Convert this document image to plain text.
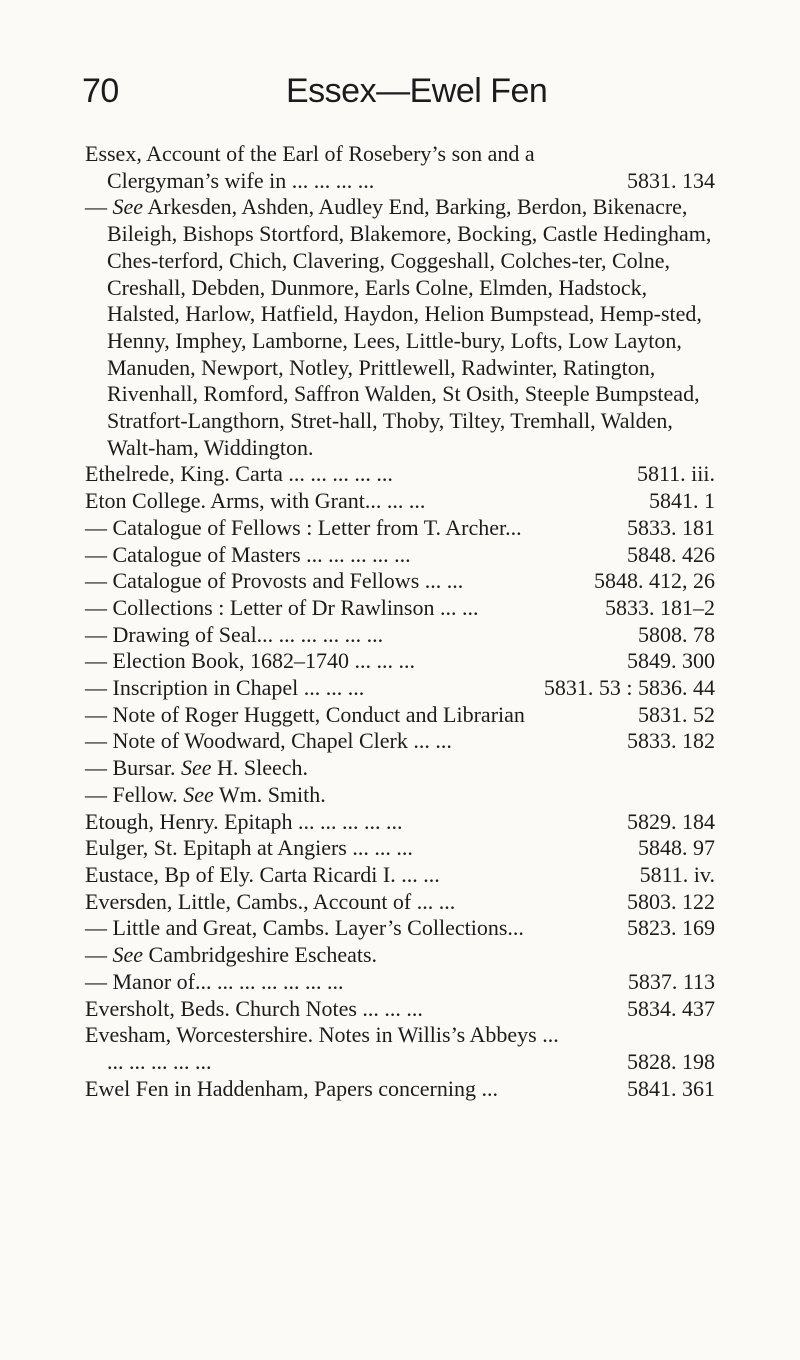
70	Essex—Ewel Fen
Essex, Account of the Earl of Rosebery’s son and a Clergyman’s wife in ... ... ... ...	5831. 134
— See Arkesden, Ashden, Audley End, Barking, Berdon, Bikenacre, Bileigh, Bishops Stortford, Blakemore, Bocking, Castle Hedingham, Ches-terford, Chich, Clavering, Coggeshall, Colches-ter, Colne, Creshall, Debden, Dunmore, Earls Colne, Elmden, Hadstock, Halsted, Harlow, Hatfield, Haydon, Helion Bumpstead, Hemp-sted, Henny, Imphey, Lamborne, Lees, Little-bury, Lofts, Low Layton, Manuden, Newport, Notley, Prittlewell, Radwinter, Ratington, Rivenhall, Romford, Saffron Walden, St Osith, Steeple Bumpstead, Stratfort-Langthorn, Stret-hall, Thoby, Tiltey, Tremhall, Walden, Walt-ham, Widdington.
Ethelrede, King. Carta ... ... ... ... ...	5811. iii.
Eton College. Arms, with Grant... ... ...	5841. 1
— Catalogue of Fellows : Letter from T. Archer...	5833. 181
— Catalogue of Masters ... ... ... ... ...	5848. 426
— Catalogue of Provosts and Fellows ... ...	5848. 412, 26
— Collections : Letter of Dr Rawlinson ... ...	5833. 181–2
— Drawing of Seal... ... ... ... ... ...	5808. 78
— Election Book, 1682–1740 ... ... ...	5849. 300
— Inscription in Chapel ... ... ...	5831. 53 : 5836. 44
— Note of Roger Huggett, Conduct and Librarian	5831. 52
— Note of Woodward, Chapel Clerk ... ...	5833. 182
— Bursar. See H. Sleech.
— Fellow. See Wm. Smith.
Etough, Henry. Epitaph ... ... ... ... ...	5829. 184
Eulger, St. Epitaph at Angiers ... ... ...	5848. 97
Eustace, Bp of Ely. Carta Ricardi I. ... ...	5811. iv.
Eversden, Little, Cambs., Account of ... ...	5803. 122
— Little and Great, Cambs. Layer’s Collections...	5823. 169
— See Cambridgeshire Escheats.
— Manor of... ... ... ... ... ... ...	5837. 113
Eversholt, Beds. Church Notes ... ... ...	5834. 437
Evesham, Worcestershire. Notes in Willis’s Abbeys ... ... ... ... ... ...	5828. 198
Ewel Fen in Haddenham, Papers concerning ...	5841. 361
